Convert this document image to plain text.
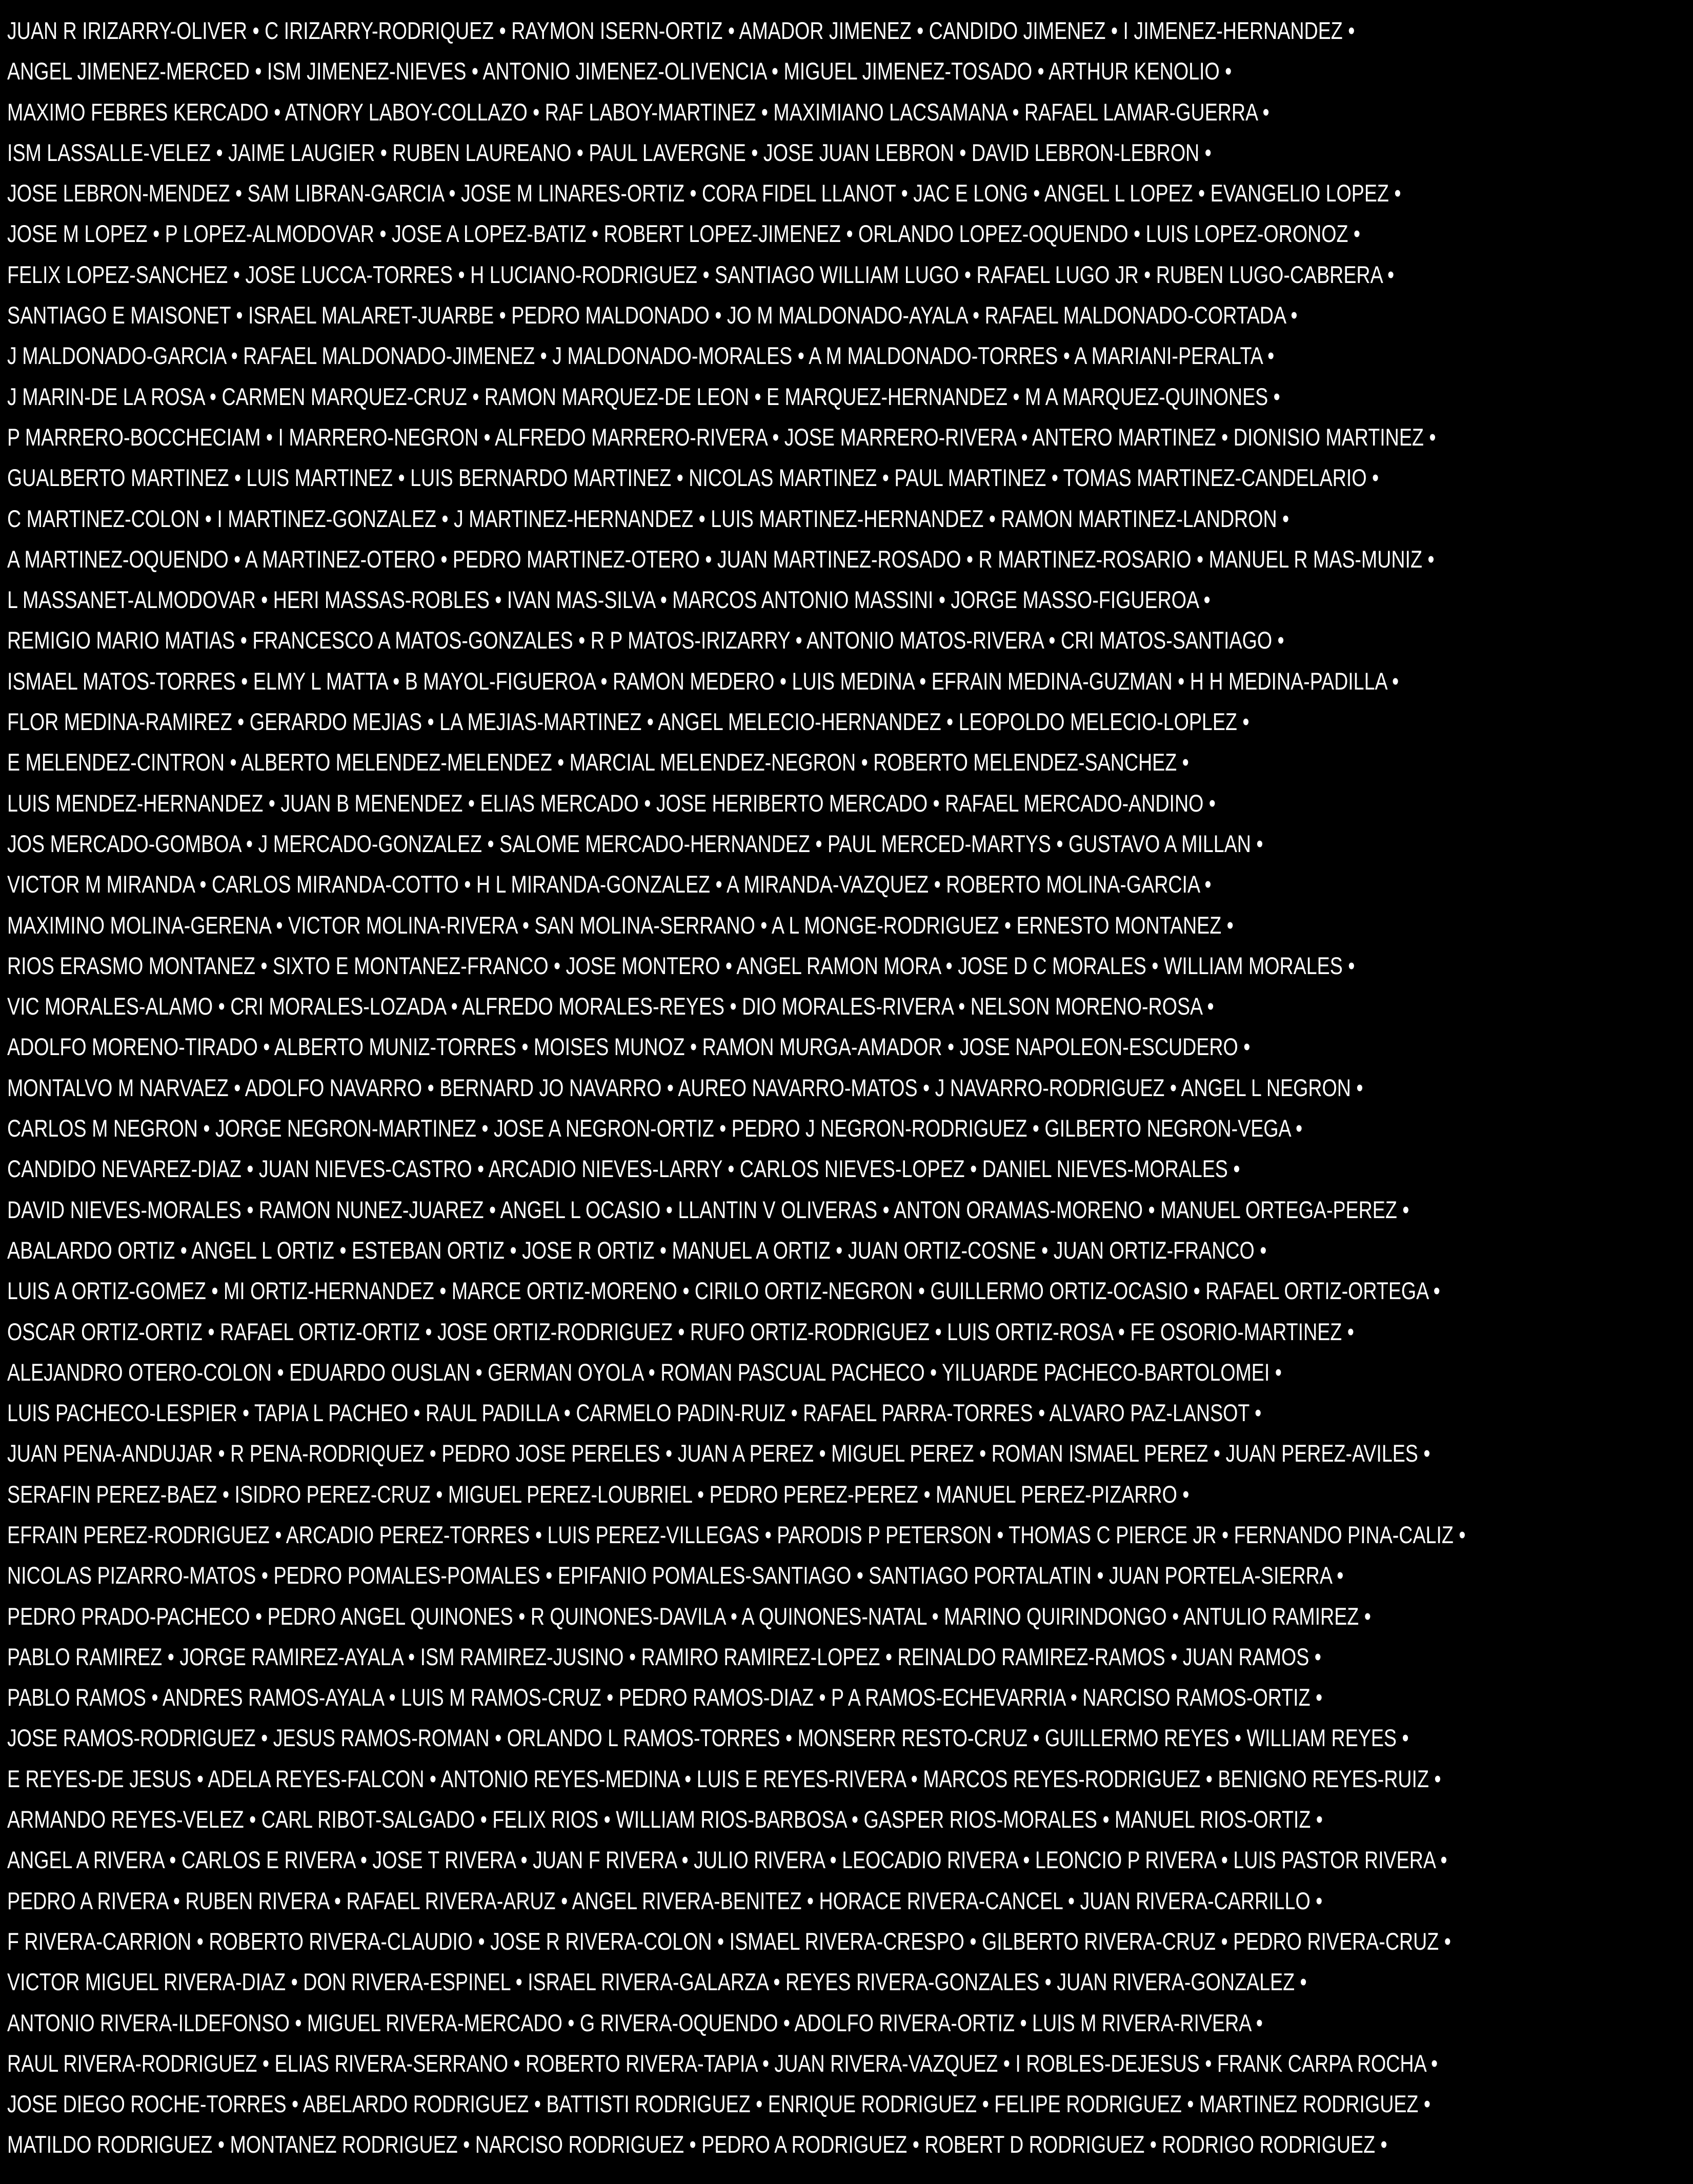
JUAN R IRIZARRY-OLIVER • C IRIZARRY-RODRIQUEZ • RAYMON ISERN-ORTIZ • AMADOR JIMENEZ • CANDIDO JIMENEZ • I JIMENEZ-HERNANDEZ •
ANGEL JIMENEZ-MERCED • ISM JIMENEZ-NIEVES • ANTONIO JIMENEZ-OLIVENCIA • MIGUEL JIMENEZ-TOSADO • ARTHUR KENOLIO •
MAXIMO FEBRES KERCADO • ATNORY LABOY-COLLAZO • RAF LABOY-MARTINEZ • MAXIMIANO LACSAMANA • RAFAEL LAMAR-GUERRA •
ISM LASSALLE-VELEZ • JAIME LAUGIER • RUBEN LAUREANO • PAUL LAVERGNE • JOSE JUAN LEBRON • DAVID LEBRON-LEBRON •
JOSE LEBRON-MENDEZ • SAM LIBRAN-GARCIA • JOSE M LINARES-ORTIZ • CORA FIDEL LLANOT • JAC E LONG • ANGEL L LOPEZ • EVANGELIO LOPEZ •
JOSE M LOPEZ • P LOPEZ-ALMODOVAR • JOSE A LOPEZ-BATIZ • ROBERT LOPEZ-JIMENEZ • ORLANDO LOPEZ-OQUENDO • LUIS LOPEZ-ORONOZ •
FELIX LOPEZ-SANCHEZ • JOSE LUCCA-TORRES • H LUCIANO-RODRIGUEZ • SANTIAGO WILLIAM LUGO • RAFAEL LUGO JR • RUBEN LUGO-CABRERA •
SANTIAGO E MAISONET • ISRAEL MALARET-JUARBE • PEDRO MALDONADO • JO M MALDONADO-AYALA • RAFAEL MALDONADO-CORTADA •
J MALDONADO-GARCIA • RAFAEL MALDONADO-JIMENEZ • J MALDONADO-MORALES • A M MALDONADO-TORRES • A MARIANI-PERALTA •
J MARIN-DE LA ROSA • CARMEN MARQUEZ-CRUZ • RAMON MARQUEZ-DE LEON • E MARQUEZ-HERNANDEZ • M A MARQUEZ-QUINONES •
P MARRERO-BOCCHECIAM • I MARRERO-NEGRON • ALFREDO MARRERO-RIVERA • JOSE MARRERO-RIVERA • ANTERO MARTINEZ • DIONISIO MARTINEZ •
GUALBERTO MARTINEZ • LUIS MARTINEZ • LUIS BERNARDO MARTINEZ • NICOLAS MARTINEZ • PAUL MARTINEZ • TOMAS MARTINEZ-CANDELARIO •
C MARTINEZ-COLON • I MARTINEZ-GONZALEZ • J MARTINEZ-HERNANDEZ • LUIS MARTINEZ-HERNANDEZ • RAMON MARTINEZ-LANDRON •
A MARTINEZ-OQUENDO • A MARTINEZ-OTERO • PEDRO MARTINEZ-OTERO • JUAN MARTINEZ-ROSADO • R MARTINEZ-ROSARIO • MANUEL R MAS-MUNIZ •
L MASSANET-ALMODOVAR • HERI MASSAS-ROBLES • IVAN MAS-SILVA • MARCOS ANTONIO MASSINI • JORGE MASSO-FIGUEROA •
REMIGIO MARIO MATIAS • FRANCESCO A MATOS-GONZALES • R P MATOS-IRIZARRY • ANTONIO MATOS-RIVERA • CRI MATOS-SANTIAGO •
ISMAEL MATOS-TORRES • ELMY L MATTA • B MAYOL-FIGUEROA • RAMON MEDERO • LUIS MEDINA • EFRAIN MEDINA-GUZMAN • H H MEDINA-PADILLA •
FLOR MEDINA-RAMIREZ • GERARDO MEJIAS • LA MEJIAS-MARTINEZ • ANGEL MELECIO-HERNANDEZ • LEOPOLDO MELECIO-LOPLEZ •
E MELENDEZ-CINTRON • ALBERTO MELENDEZ-MELENDEZ • MARCIAL MELENDEZ-NEGRON • ROBERTO MELENDEZ-SANCHEZ •
LUIS MENDEZ-HERNANDEZ • JUAN B MENENDEZ • ELIAS MERCADO • JOSE HERIBERTO MERCADO • RAFAEL MERCADO-ANDINO •
JOS MERCADO-GOMBOA • J MERCADO-GONZALEZ • SALOME MERCADO-HERNANDEZ • PAUL MERCED-MARTYS • GUSTAVO A MILLAN •
VICTOR M MIRANDA • CARLOS MIRANDA-COTTO • H L MIRANDA-GONZALEZ • A MIRANDA-VAZQUEZ • ROBERTO MOLINA-GARCIA •
MAXIMINO MOLINA-GERENA • VICTOR MOLINA-RIVERA • SAN MOLINA-SERRANO • A L MONGE-RODRIGUEZ • ERNESTO MONTANEZ •
RIOS ERASMO MONTANEZ • SIXTO E MONTANEZ-FRANCO • JOSE MONTERO • ANGEL RAMON MORA • JOSE D C MORALES • WILLIAM MORALES •
VIC MORALES-ALAMO • CRI MORALES-LOZADA • ALFREDO MORALES-REYES • DIO MORALES-RIVERA • NELSON MORENO-ROSA •
ADOLFO MORENO-TIRADO • ALBERTO MUNIZ-TORRES • MOISES MUNOZ • RAMON MURGA-AMADOR • JOSE NAPOLEON-ESCUDERO •
MONTALVO M NARVAEZ • ADOLFO NAVARRO • BERNARD JO NAVARRO • AUREO NAVARRO-MATOS • J NAVARRO-RODRIGUEZ • ANGEL L NEGRON •
CARLOS M NEGRON • JORGE NEGRON-MARTINEZ • JOSE A NEGRON-ORTIZ • PEDRO J NEGRON-RODRIGUEZ • GILBERTO NEGRON-VEGA •
CANDIDO NEVAREZ-DIAZ • JUAN NIEVES-CASTRO • ARCADIO NIEVES-LARRY • CARLOS NIEVES-LOPEZ • DANIEL NIEVES-MORALES •
DAVID NIEVES-MORALES • RAMON NUNEZ-JUAREZ • ANGEL L OCASIO • LLANTIN V OLIVERAS • ANTON ORAMAS-MORENO • MANUEL ORTEGA-PEREZ •
ABALARDO ORTIZ • ANGEL L ORTIZ • ESTEBAN ORTIZ • JOSE R ORTIZ • MANUEL A ORTIZ • JUAN ORTIZ-COSNE • JUAN ORTIZ-FRANCO •
LUIS A ORTIZ-GOMEZ • MI ORTIZ-HERNANDEZ • MARCE ORTIZ-MORENO • CIRILO ORTIZ-NEGRON • GUILLERMO ORTIZ-OCASIO • RAFAEL ORTIZ-ORTEGA •
OSCAR ORTIZ-ORTIZ • RAFAEL ORTIZ-ORTIZ • JOSE ORTIZ-RODRIGUEZ • RUFO ORTIZ-RODRIGUEZ • LUIS ORTIZ-ROSA • FE OSORIO-MARTINEZ •
ALEJANDRO OTERO-COLON • EDUARDO OUSLAN • GERMAN OYOLA • ROMAN PASCUAL PACHECO • YILUARDE PACHECO-BARTOLOMEI •
LUIS PACHECO-LESPIER • TAPIA L PACHEO • RAUL PADILLA • CARMELO PADIN-RUIZ • RAFAEL PARRA-TORRES • ALVARO PAZ-LANSOT •
JUAN PENA-ANDUJAR • R PENA-RODRIQUEZ • PEDRO JOSE PERELES • JUAN A PEREZ • MIGUEL PEREZ • ROMAN ISMAEL PEREZ • JUAN PEREZ-AVILES •
SERAFIN PEREZ-BAEZ • ISIDRO PEREZ-CRUZ • MIGUEL PEREZ-LOUBRIEL • PEDRO PEREZ-PEREZ • MANUEL PEREZ-PIZARRO •
EFRAIN PEREZ-RODRIGUEZ • ARCADIO PEREZ-TORRES • LUIS PEREZ-VILLEGAS • PARODIS P PETERSON • THOMAS C PIERCE JR • FERNANDO PINA-CALIZ •
NICOLAS PIZARRO-MATOS • PEDRO POMALES-POMALES • EPIFANIO POMALES-SANTIAGO • SANTIAGO PORTALATIN • JUAN PORTELA-SIERRA •
PEDRO PRADO-PACHECO • PEDRO ANGEL QUINONES • R QUINONES-DAVILA • A QUINONES-NATAL • MARINO QUIRINDONGO • ANTULIO RAMIREZ •
PABLO RAMIREZ • JORGE RAMIREZ-AYALA • ISM RAMIREZ-JUSINO • RAMIRO RAMIREZ-LOPEZ • REINALDO RAMIREZ-RAMOS • JUAN RAMOS •
PABLO RAMOS • ANDRES RAMOS-AYALA • LUIS M RAMOS-CRUZ • PEDRO RAMOS-DIAZ • P A RAMOS-ECHEVARRIA • NARCISO RAMOS-ORTIZ •
JOSE RAMOS-RODRIGUEZ • JESUS RAMOS-ROMAN • ORLANDO L RAMOS-TORRES • MONSERR RESTO-CRUZ • GUILLERMO REYES • WILLIAM REYES •
E REYES-DE JESUS • ADELA REYES-FALCON • ANTONIO REYES-MEDINA • LUIS E REYES-RIVERA • MARCOS REYES-RODRIGUEZ • BENIGNO REYES-RUIZ •
ARMANDO REYES-VELEZ • CARL RIBOT-SALGADO • FELIX RIOS • WILLIAM RIOS-BARBOSA • GASPER RIOS-MORALES • MANUEL RIOS-ORTIZ •
ANGEL A RIVERA • CARLOS E RIVERA • JOSE T RIVERA • JUAN F RIVERA • JULIO RIVERA • LEOCADIO RIVERA • LEONCIO P RIVERA • LUIS PASTOR RIVERA •
PEDRO A RIVERA • RUBEN RIVERA • RAFAEL RIVERA-ARUZ • ANGEL RIVERA-BENITEZ • HORACE RIVERA-CANCEL • JUAN RIVERA-CARRILLO •
F RIVERA-CARRION • ROBERTO RIVERA-CLAUDIO • JOSE R RIVERA-COLON • ISMAEL RIVERA-CRESPO • GILBERTO RIVERA-CRUZ • PEDRO RIVERA-CRUZ •
VICTOR MIGUEL RIVERA-DIAZ • DON RIVERA-ESPINEL • ISRAEL RIVERA-GALARZA • REYES RIVERA-GONZALES • JUAN RIVERA-GONZALEZ •
ANTONIO RIVERA-ILDEFONSO • MIGUEL RIVERA-MERCADO • G RIVERA-OQUENDO • ADOLFO RIVERA-ORTIZ • LUIS M RIVERA-RIVERA •
RAUL RIVERA-RODRIGUEZ • ELIAS RIVERA-SERRANO • ROBERTO RIVERA-TAPIA • JUAN RIVERA-VAZQUEZ • I ROBLES-DEJESUS • FRANK CARPA ROCHA •
JOSE DIEGO ROCHE-TORRES • ABELARDO RODRIGUEZ • BATTISTI RODRIGUEZ • ENRIQUE RODRIGUEZ • FELIPE RODRIGUEZ • MARTINEZ RODRIGUEZ •
MATILDO RODRIGUEZ • MONTANEZ RODRIGUEZ • NARCISO RODRIGUEZ • PEDRO A RODRIGUEZ • ROBERT D RODRIGUEZ • RODRIGO RODRIGUEZ •
